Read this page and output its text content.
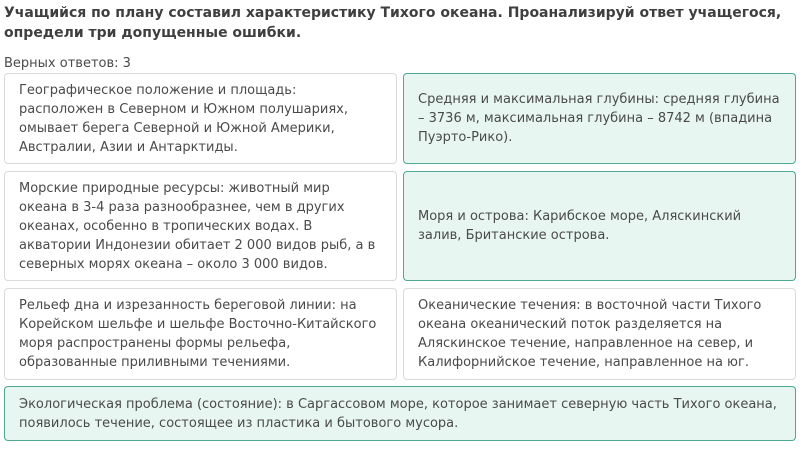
Учащийся по плану составил характеристику Тихого океана. Проанализируй ответ учащегося, определи три допущенные ошибки.
Верных ответов: 3
Географическое положение и площадь: расположен в Северном и Южном полушариях, омывает берега Северной и Южной Америки, Австралии, Азии и Антарктиды.
Средняя и максимальная глубины: средняя глубина – 3736 м, максимальная глубина – 8742 м (впадина Пуэрто-Рико).
Морские природные ресурсы: животный мир океана в 3-4 раза разнообразнее, чем в других океанах, особенно в тропических водах. В акватории Индонезии обитает 2 000 видов рыб, а в северных морях океана – около 3 000 видов.
Моря и острова: Карибское море, Аляскинский залив, Британские острова.
Рельеф дна и изрезанность береговой линии: на Корейском шельфе и шельфе Восточно-Китайского моря распространены формы рельефа, образованные приливными течениями.
Океанические течения: в восточной части Тихого океана океанический поток разделяется на Аляскинское течение, направленное на север, и Калифорнийское течение, направленное на юг.
Экологическая проблема (состояние): в Саргассовом море, которое занимает северную часть Тихого океана, появилось течение, состоящее из пластика и бытового мусора.
